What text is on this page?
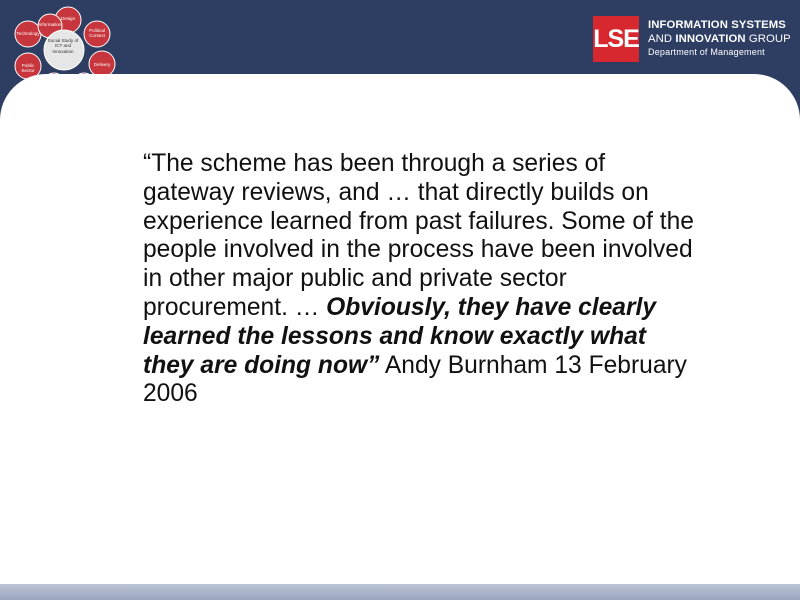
Design
Political Context
Technology
Delivery
Public Sector
Information
Social Study of ICT and Innovation	LSE INFORMATION SYSTEMS
AND INNOVATION GROUP
Department of Management
“The scheme has been through a series of gateway reviews, and … that directly builds on experience learned from past failures. Some of the people involved in the process have been involved in other major public and private sector procurement. … Obviously, they have clearly learned the lessons and know exactly what they are doing now” Andy Burnham 13 February 2006
